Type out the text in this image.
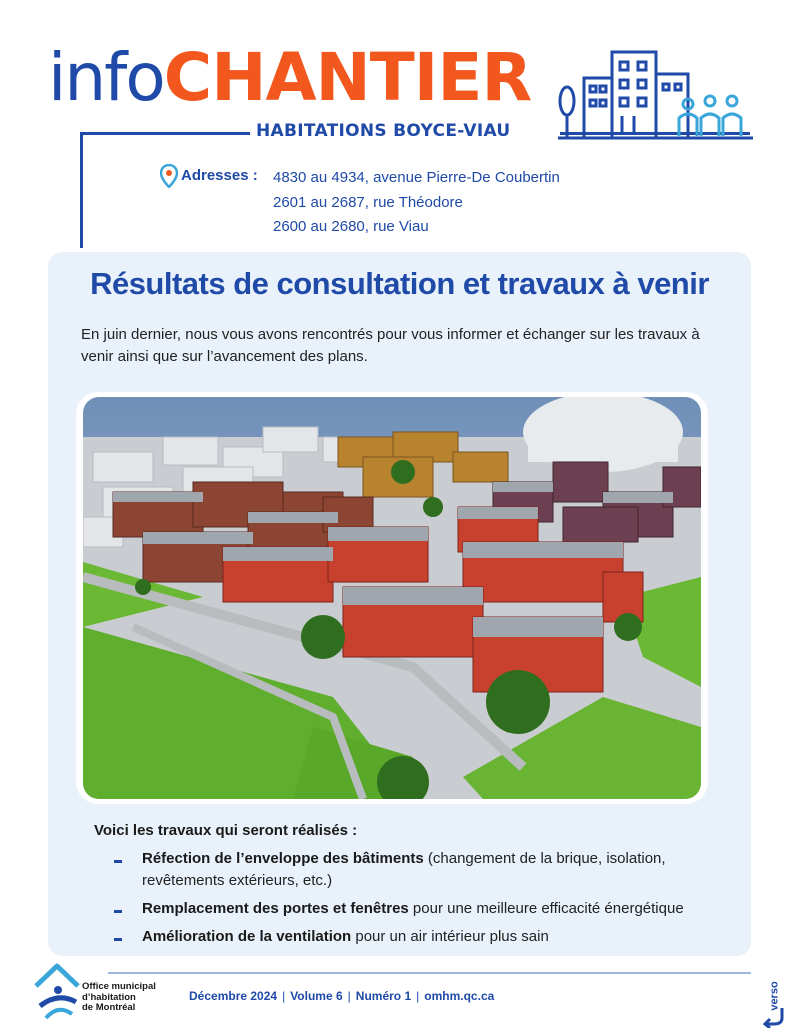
infoCHANTIER
HABITATIONS BOYCE-VIAU
Adresses : 4830 au 4934, avenue Pierre-De Coubertin
2601 au 2687, rue Théodore
2600 au 2680, rue Viau
Résultats de consultation et travaux à venir
En juin dernier, nous vous avons rencontrés pour vous informer et échanger sur les travaux à venir ainsi que sur l’avancement des plans.
Voici les travaux qui seront réalisés :
Réfection de l’enveloppe des bâtiments (changement de la brique, isolation, revêtements extérieurs, etc.)
Remplacement des portes et fenêtres pour une meilleure efficacité énergétique
Amélioration de la ventilation pour un air intérieur plus sain
Office municipal
d’habitation
de Montréal
Décembre 2024 | Volume 6 | Numéro 1 | omhm.qc.ca	verso
